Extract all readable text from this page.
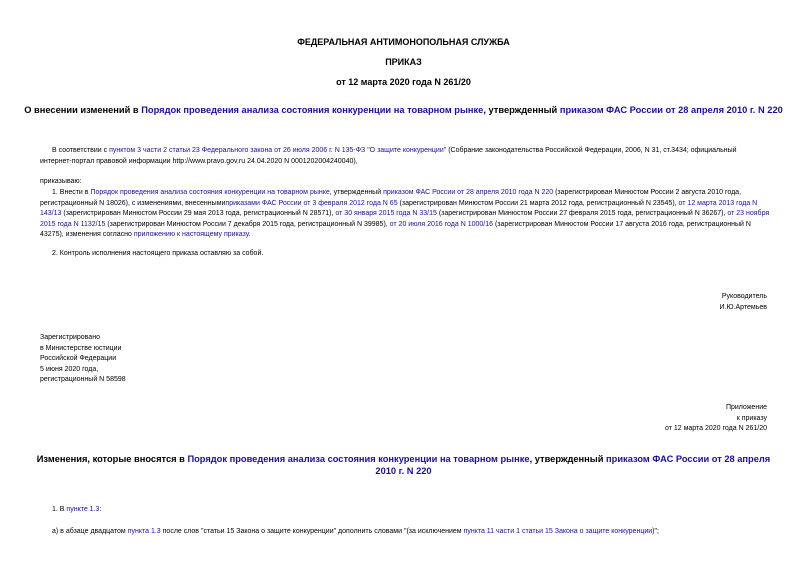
ФЕДЕРАЛЬНАЯ АНТИМОНОПОЛЬНАЯ СЛУЖБА
ПРИКАЗ
от 12 марта 2020 года N 261/20
О внесении изменений в Порядок проведения анализа состояния конкуренции на товарном рынке, утвержденный приказом ФАС России от 28 апреля 2010 г. N 220

В соответствии с пунктом 3 части 2 статьи 23 Федерального закона от 26 июля 2006 г. N 135-ФЗ "О защите конкуренции" (Собрание законодательства Российской Федерации, 2006, N 31, ст.3434; официальный интернет-портал правовой информации http://www.pravo.gov.ru 24.04.2020 N 0001202004240040),

приказываю:

1. Внести в Порядок проведения анализа состояния конкуренции на товарном рынке, утвержденный приказом ФАС России от 28 апреля 2010 года N 220 (зарегистрирован Минюстом России 2 августа 2010 года, регистрационный N 18026), с изменениями, внесеннымиприказами ФАС России от 3 февраля 2012 года N 65 (зарегистрирован Минюстом России 21 марта 2012 года, регистрационный N 23545), от 12 марта 2013 года N 143/13 (зарегистрирован Минюстом России 29 мая 2013 года, регистрационный N 28571), от 30 января 2015 года N 33/15 (зарегистрирован Минюстом России 27 февраля 2015 года, регистрационный N 36267), от 23 ноября 2015 года N 1132/15 (зарегистрирован Минюстом России 7 декабря 2015 года, регистрационный N 39985), от 20 июля 2016 года N 1000/16 (зарегистрирован Минюстом России 17 августа 2016 года, регистрационный N 43275), изменения согласно приложению к настоящему приказу.

2. Контроль исполнения настоящего приказа оставляю за собой.

Руководитель
И.Ю.Артемьев
Зарегистрировано
в Министерстве юстиции
Российской Федерации
5 июня 2020 года,
регистрационный N 58598
Приложение
к приказу
от 12 марта 2020 года N 261/20
Изменения, которые вносятся в Порядок проведения анализа состояния конкуренции на товарном рынке, утвержденный приказом ФАС России от 28 апреля 2010 г. N 220

1. В пункте 1.3:

а) в абзаце двадцатом пункта 1.3 после слов "статьи 15 Закона о защите конкуренции" дополнить словами "(за исключением пункта 11 части 1 статьи 15 Закона о защите конкуренции)";
